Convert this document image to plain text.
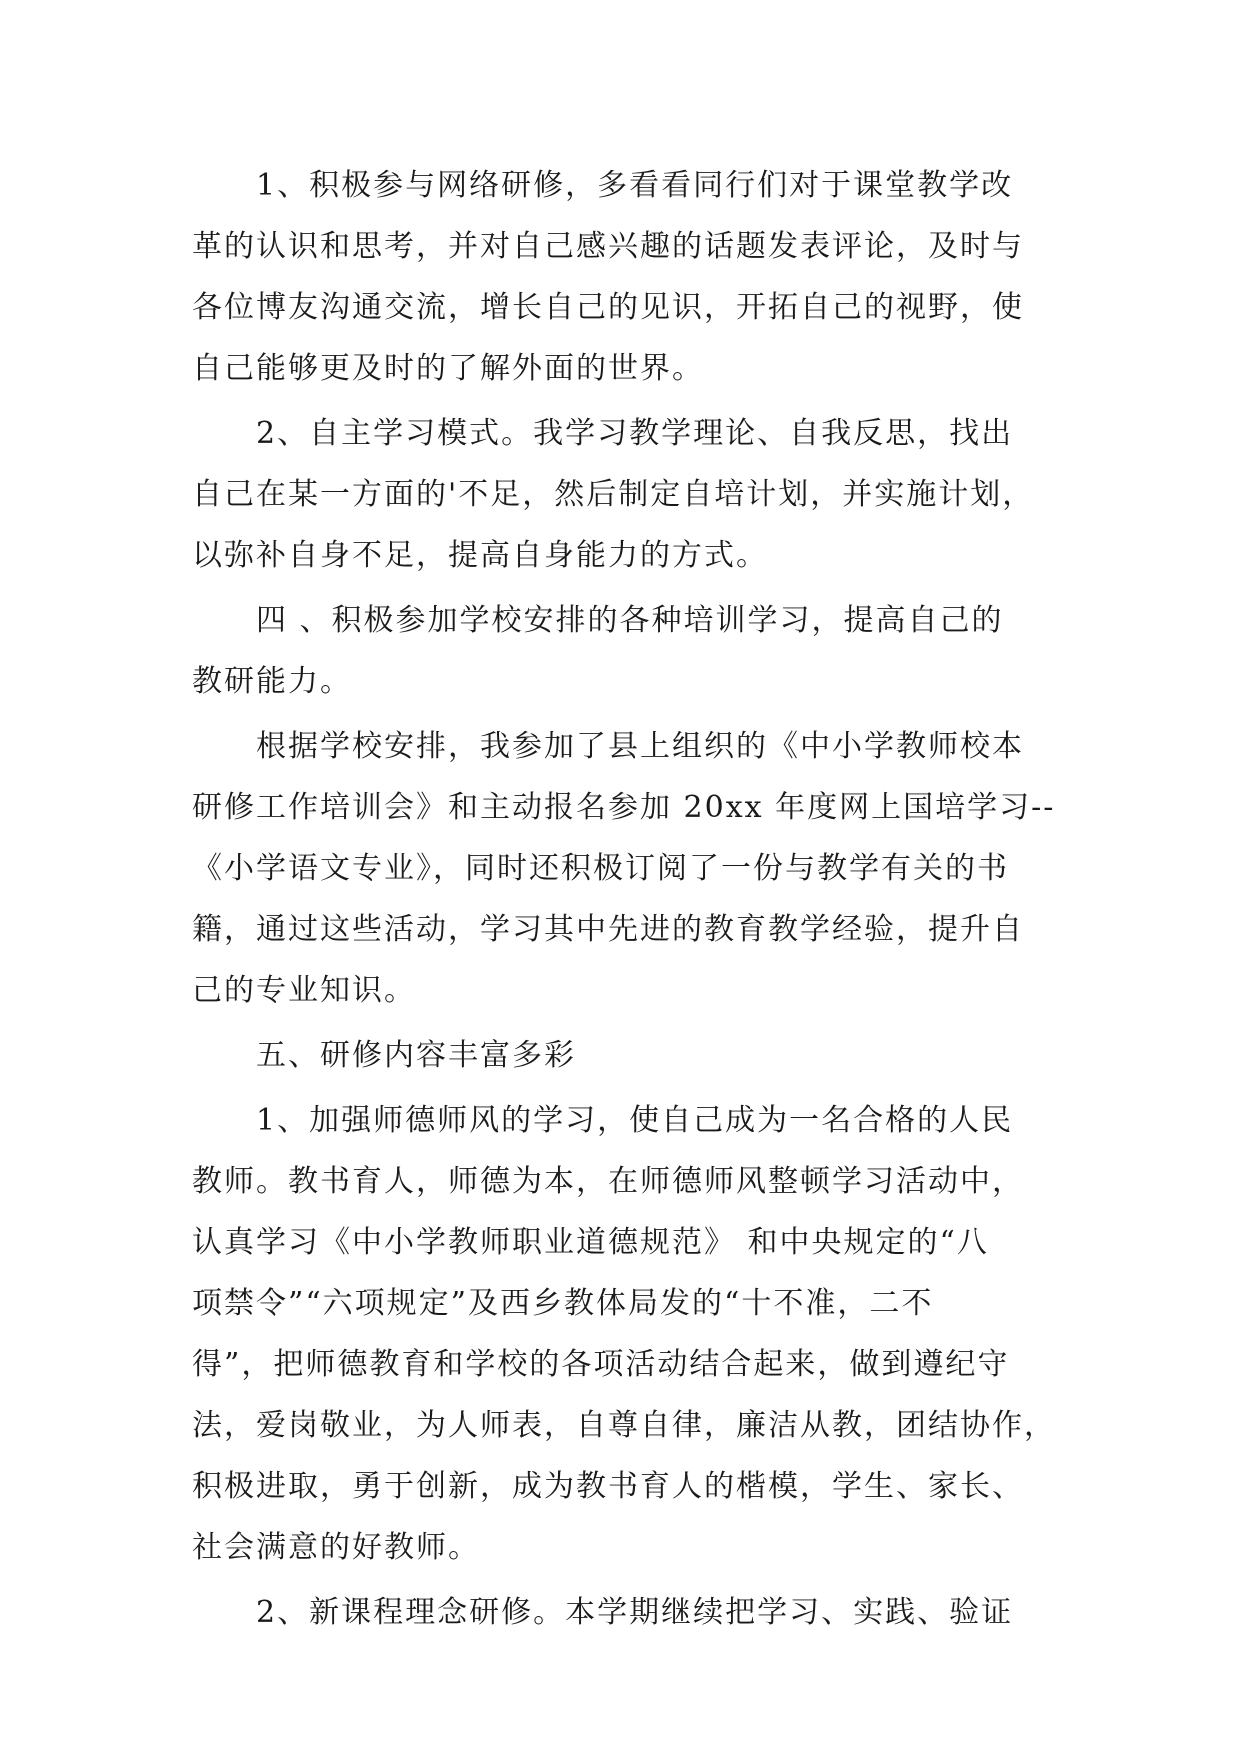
1、积极参与网络研修，多看看同行们对于课堂教学改
革的认识和思考，并对自己感兴趣的话题发表评论，及时与
各位博友沟通交流，增长自己的见识，开拓自己的视野，使
自己能够更及时的了解外面的世界。
2、自主学习模式。我学习教学理论、自我反思，找出
自己在某一方面的'不足，然后制定自培计划，并实施计划，
以弥补自身不足，提高自身能力的方式。
四 、积极参加学校安排的各种培训学习，提高自己的
教研能力。
根据学校安排，我参加了县上组织的《中小学教师校本
研修工作培训会》和主动报名参加 20xx 年度网上国培学习--
《小学语文专业》，同时还积极订阅了一份与教学有关的书
籍，通过这些活动，学习其中先进的教育教学经验，提升自
己的专业知识。
五、研修内容丰富多彩
1、加强师德师风的学习，使自己成为一名合格的人民
教师。教书育人，师德为本，在师德师风整顿学习活动中，
认真学习《中小学教师职业道德规范》 和中央规定的“八
项禁令”“六项规定”及西乡教体局发的“十不准，二不
得”，把师德教育和学校的各项活动结合起来，做到遵纪守
法，爱岗敬业，为人师表，自尊自律，廉洁从教，团结协作，
积极进取，勇于创新，成为教书育人的楷模，学生、家长、
社会满意的好教师。
2、新课程理念研修。本学期继续把学习、实践、验证
